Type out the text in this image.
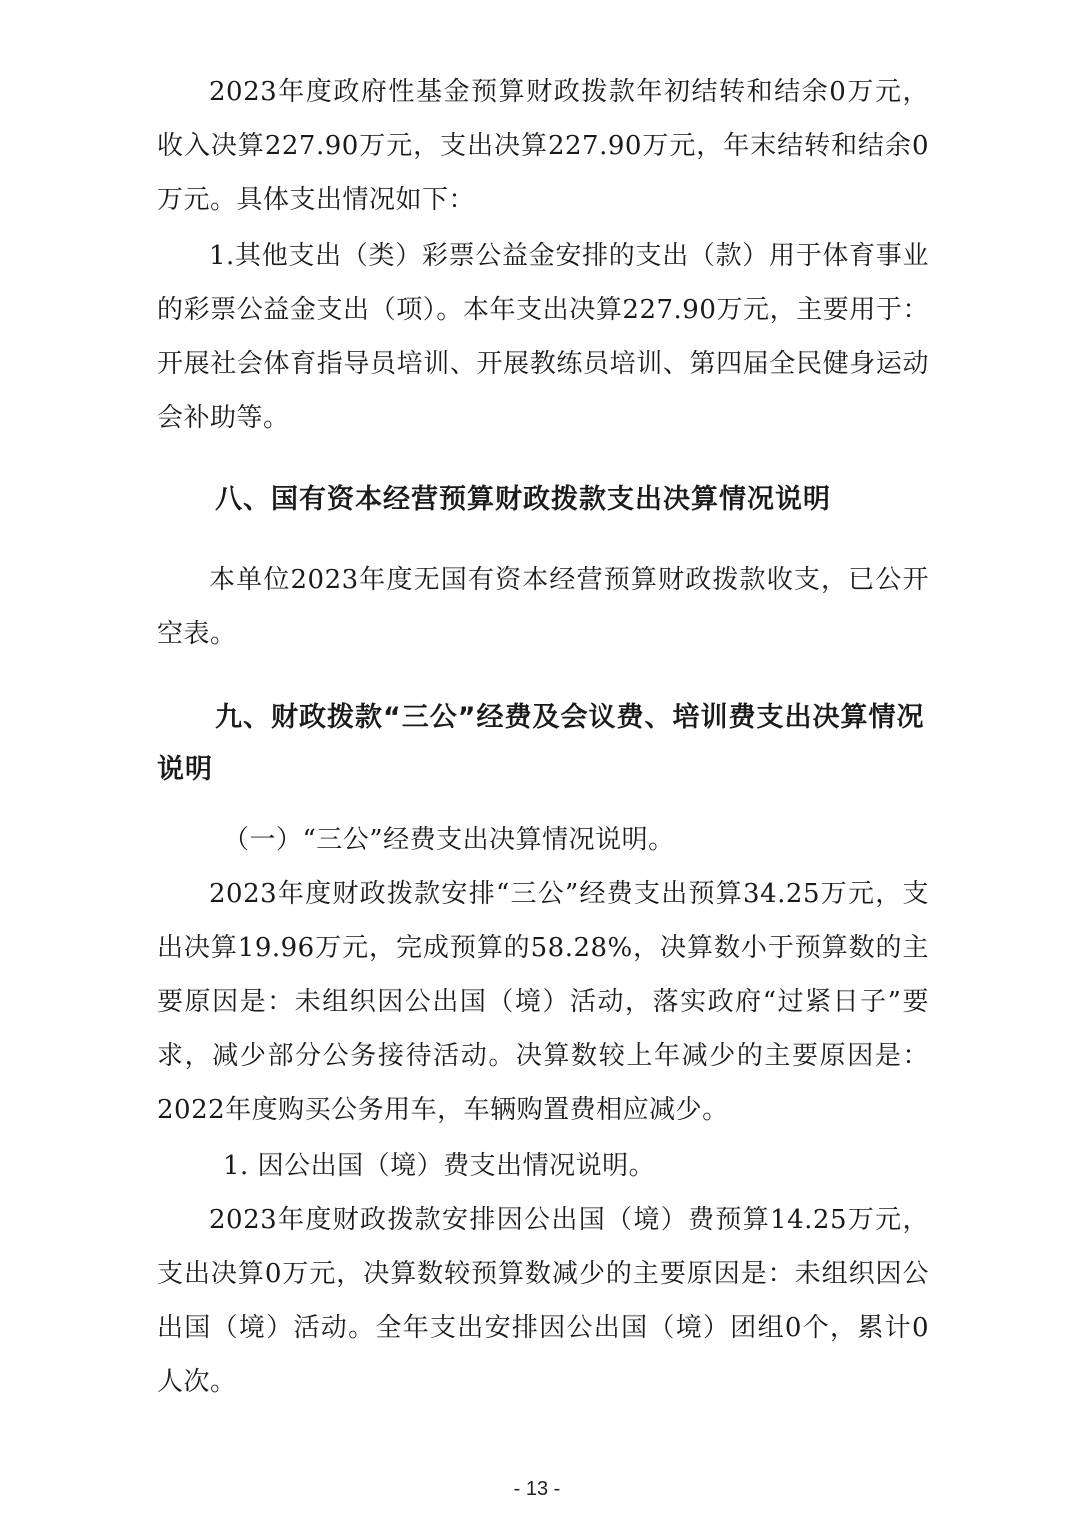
2023年度政府性基金预算财政拨款年初结转和结余0万元，收入决算227.90万元，支出决算227.90万元，年末结转和结余0万元。具体支出情况如下：

1.其他支出（类）彩票公益金安排的支出（款）用于体育事业的彩票公益金支出（项）。本年支出决算227.90万元，主要用于：开展社会体育指导员培训、开展教练员培训、第四届全民健身运动会补助等。

八、国有资本经营预算财政拨款支出决算情况说明

本单位2023年度无国有资本经营预算财政拨款收支，已公开空表。

九、财政拨款“三公”经费及会议费、培训费支出决算情况说明

（一）“三公”经费支出决算情况说明。

2023年度财政拨款安排“三公”经费支出预算34.25万元，支出决算19.96万元，完成预算的58.28%，决算数小于预算数的主要原因是：未组织因公出国（境）活动，落实政府“过紧日子”要求，减少部分公务接待活动。决算数较上年减少的主要原因是：2022年度购买公务用车，车辆购置费相应减少。

1. 因公出国（境）费支出情况说明。

2023年度财政拨款安排因公出国（境）费预算14.25万元，支出决算0万元，决算数较预算数减少的主要原因是：未组织因公出国（境）活动。全年支出安排因公出国（境）团组0个，累计0人次。

- 13 -
